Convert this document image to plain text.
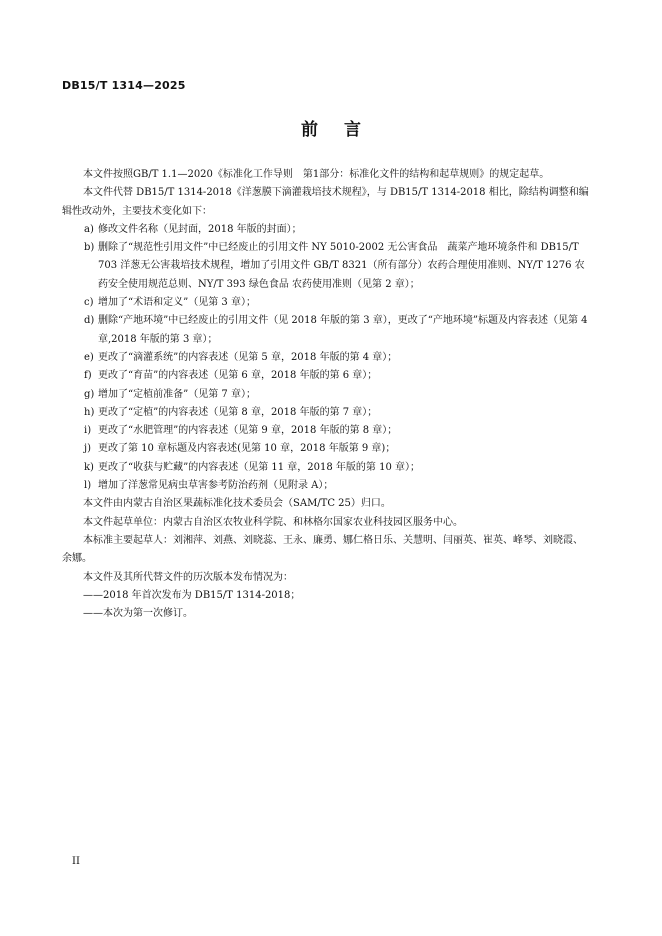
DB15/T 1314—2025
前言

本文件按照GB/T 1.1—2020《标准化工作导则　第1部分：标准化文件的结构和起草规则》的规定起草。

本文件代替 DB15/T 1314-2018《洋葱膜下滴灌栽培技术规程》，与 DB15/T 1314-2018 相比，除结构调整和编辑性改动外，主要技术变化如下：

a) 修改文件名称（见封面，2018 年版的封面）；
b) 删除了“规范性引用文件”中已经废止的引用文件 NY 5010-2002 无公害食品　蔬菜产地环境条件和 DB15/T 703 洋葱无公害栽培技术规程，增加了引用文件 GB/T 8321（所有部分）农药合理使用准则、NY/T 1276 农药安全使用规范总则、NY/T 393 绿色食品 农药使用准则（见第 2 章）；
c) 增加了“术语和定义”（见第 3 章）；
d) 删除“产地环境”中已经废止的引用文件（见 2018 年版的第 3 章），更改了“产地环境”标题及内容表述（见第 4 章,2018 年版的第 3 章）；
e) 更改了“滴灌系统”的内容表述（见第 5 章，2018 年版的第 4 章）；
f) 更改了“育苗”的内容表述（见第 6 章，2018 年版的第 6 章）；
g) 增加了“定植前准备”（见第 7 章）；
h) 更改了“定植”的内容表述（见第 8 章，2018 年版的第 7 章）；
i) 更改了“水肥管理”的内容表述（见第 9 章，2018 年版的第 8 章）；
j) 更改了第 10 章标题及内容表述(见第 10 章，2018 年版第 9 章)；
k) 更改了“收获与贮藏”的内容表述（见第 11 章，2018 年版的第 10 章）；
l) 增加了洋葱常见病虫草害参考防治药剂（见附录 A）；

本文件由内蒙古自治区果蔬标准化技术委员会（SAM/TC 25）归口。

本文件起草单位：内蒙古自治区农牧业科学院、和林格尔国家农业科技园区服务中心。

本标准主要起草人：刘湘萍、刘燕、刘晓蕊、王永、廉勇、娜仁格日乐、关慧明、闫丽英、崔英、峰琴、刘晓霞、余娜。

本文件及其所代替文件的历次版本发布情况为：

——2018 年首次发布为 DB15/T 1314-2018；

——本次为第一次修订。

II
